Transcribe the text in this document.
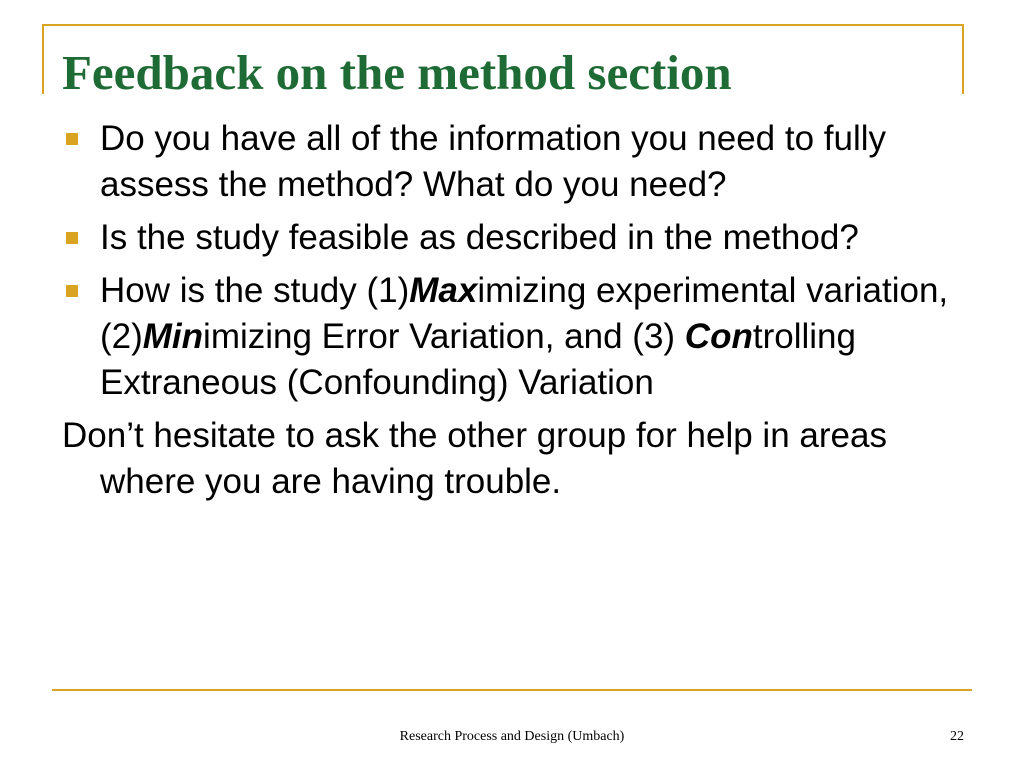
Feedback on the method section
Do you have all of the information you need to fully assess the method? What do you need?
Is the study feasible as described in the method?
How is the study (1)Maximizing experimental variation, (2)Minimizing Error Variation, and (3) Controlling Extraneous (Confounding) Variation

Don’t hesitate to ask the other group for help in areas where you are having trouble.

Research Process and Design (Umbach)	22
